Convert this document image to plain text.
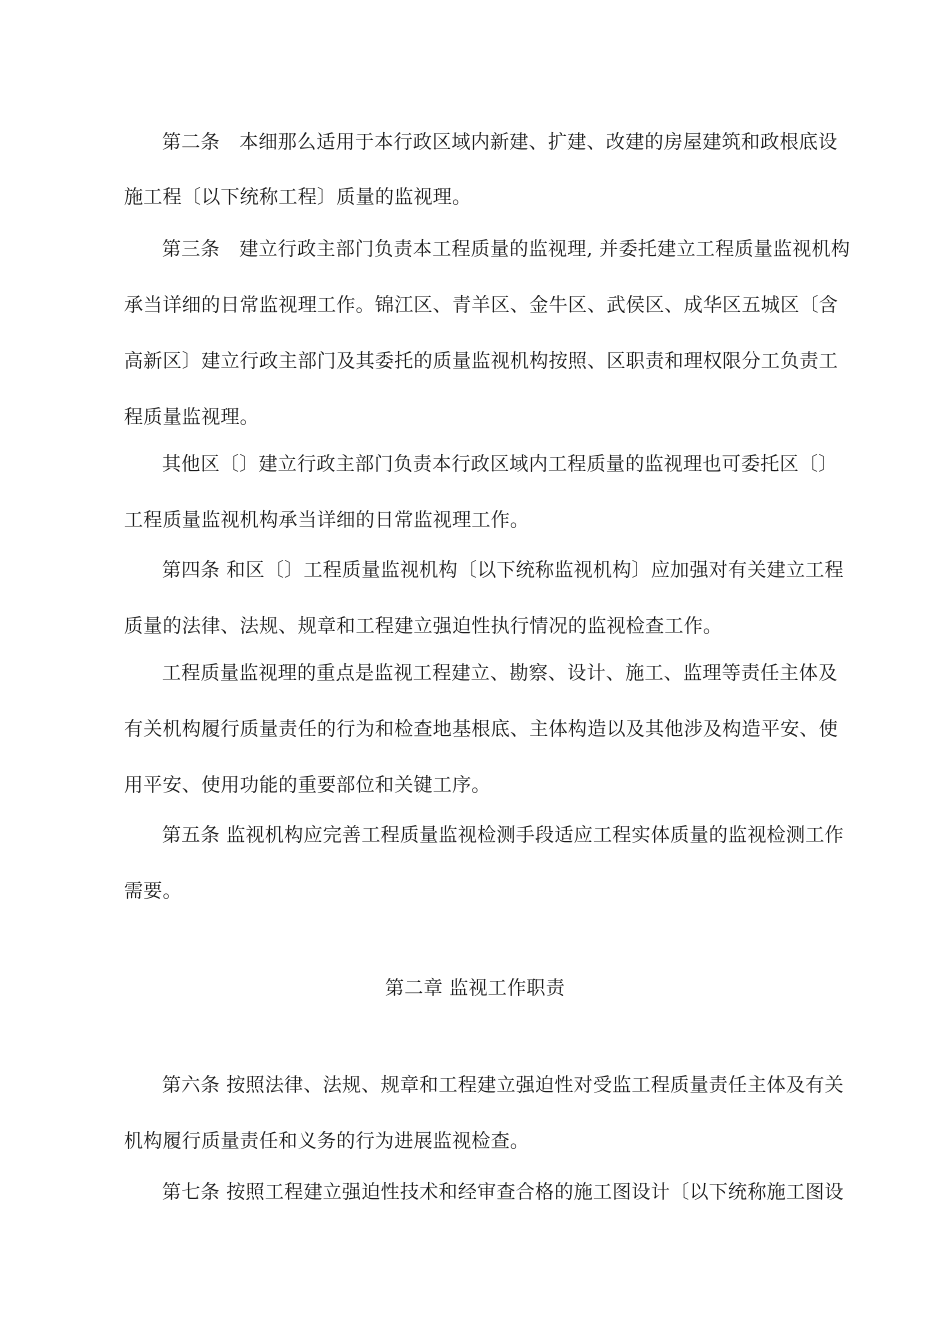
第二条　本细那么适用于本行政区域内新建、扩建、改建的房屋建筑和政根底设
施工程〔以下统称工程〕质量的监视理。
第三条　建立行政主部门负责本工程质量的监视理, 并委托建立工程质量监视机构
承当详细的日常监视理工作。锦江区、青羊区、金牛区、武侯区、成华区五城区〔含
高新区〕建立行政主部门及其委托的质量监视机构按照、区职责和理权限分工负责工
程质量监视理。
其他区〔〕建立行政主部门负责本行政区域内工程质量的监视理也可委托区〔〕
工程质量监视机构承当详细的日常监视理工作。
第四条 和区〔〕工程质量监视机构〔以下统称监视机构〕应加强对有关建立工程
质量的法律、法规、规章和工程建立强迫性执行情况的监视检查工作。
工程质量监视理的重点是监视工程建立、勘察、设计、施工、监理等责任主体及
有关机构履行质量责任的行为和检查地基根底、主体构造以及其他涉及构造平安、使
用平安、使用功能的重要部位和关键工序。
第五条 监视机构应完善工程质量监视检测手段适应工程实体质量的监视检测工作
需要。
第二章 监视工作职责
第六条 按照法律、法规、规章和工程建立强迫性对受监工程质量责任主体及有关
机构履行质量责任和义务的行为进展监视检查。
第七条 按照工程建立强迫性技术和经审查合格的施工图设计〔以下统称施工图设
